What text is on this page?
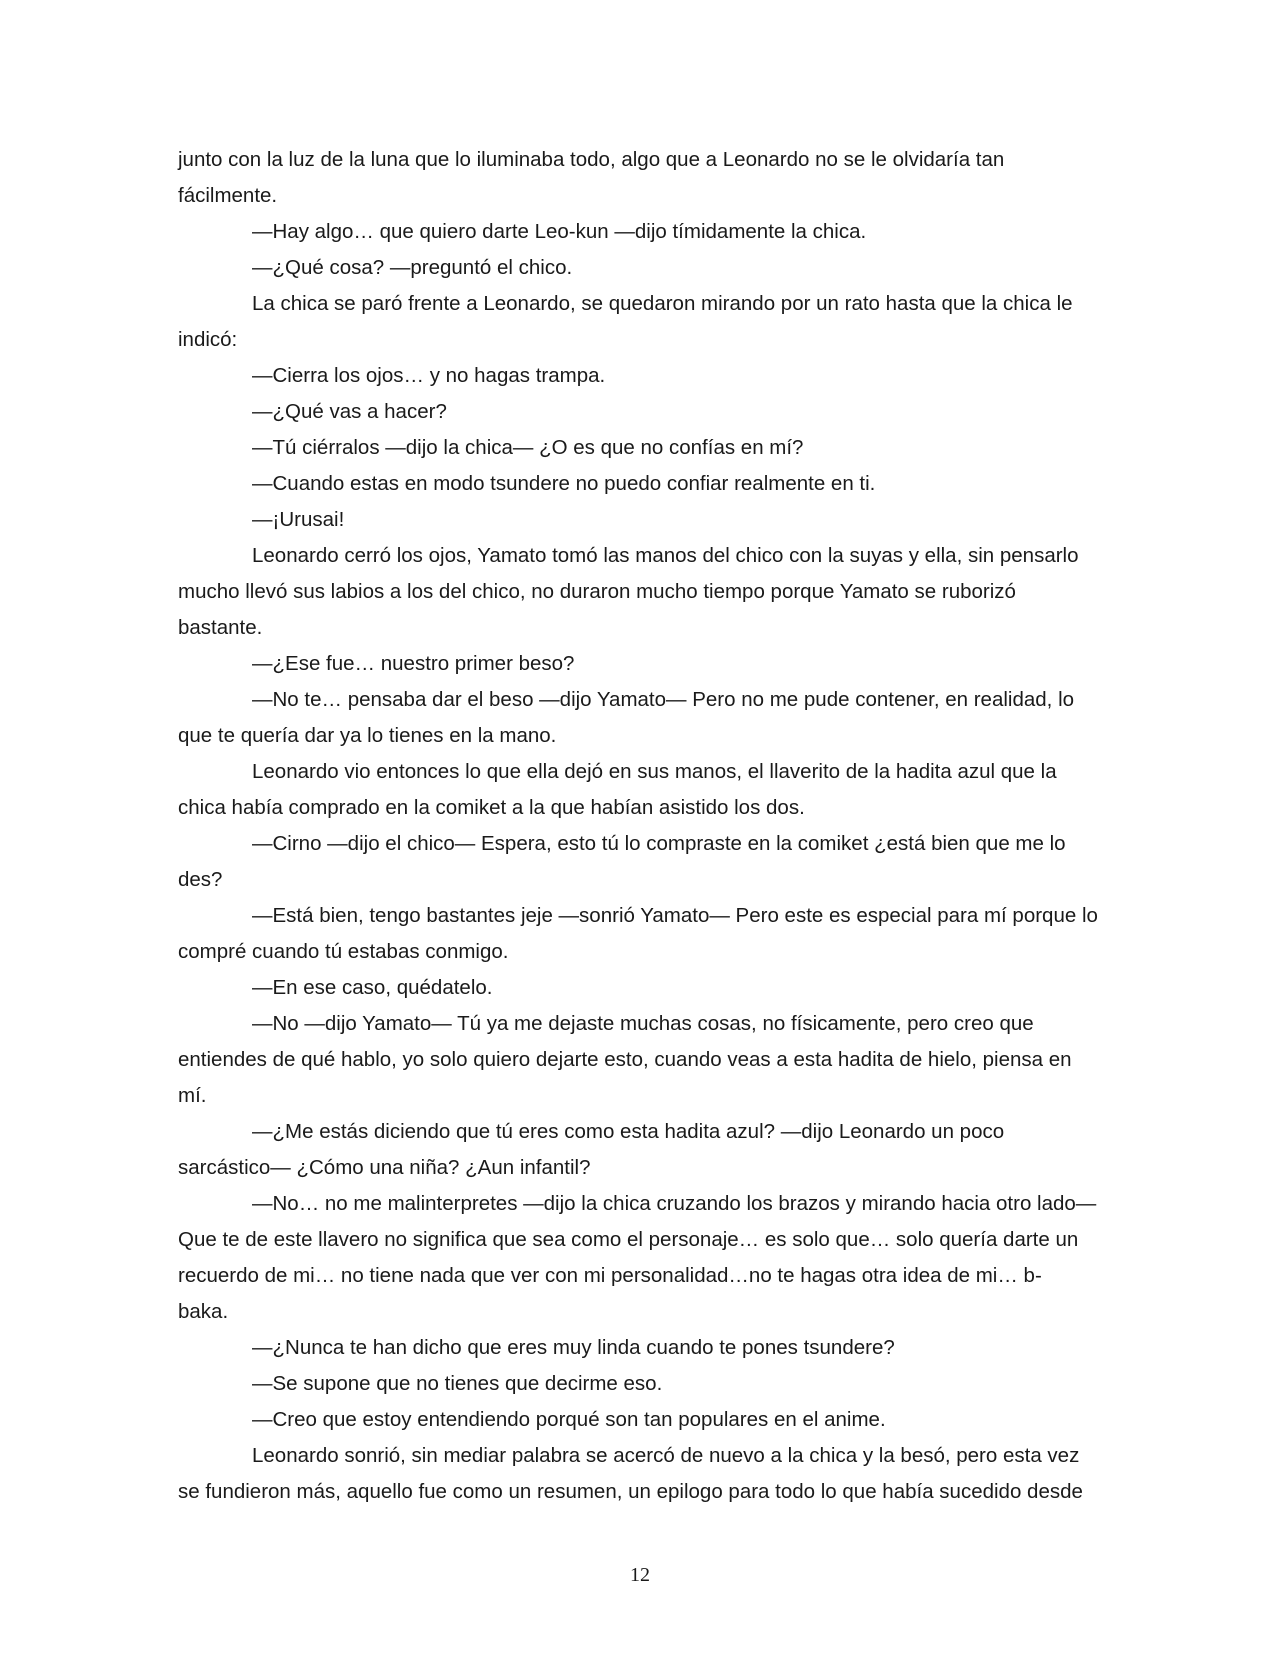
junto con la luz de la luna que lo iluminaba todo, algo que a Leonardo no se le olvidaría tan

fácilmente.

—Hay algo… que quiero darte Leo-kun —dijo tímidamente la chica.

—¿Qué cosa? —preguntó el chico.

La chica se paró frente a Leonardo, se quedaron mirando por un rato hasta que la chica le

indicó:

—Cierra los ojos… y no hagas trampa.

—¿Qué vas a hacer?

—Tú ciérralos —dijo la chica— ¿O es que no confías en mí?

—Cuando estas en modo tsundere no puedo confiar realmente en ti.

—¡Urusai!

Leonardo cerró los ojos, Yamato tomó las manos del chico con la suyas y ella, sin pensarlo

mucho llevó sus labios a los del chico, no duraron mucho tiempo porque Yamato se ruborizó

bastante.

—¿Ese fue… nuestro primer beso?

—No te… pensaba dar el beso —dijo Yamato— Pero no me pude contener, en realidad, lo

que te quería dar ya lo tienes en la mano.

Leonardo vio entonces lo que ella dejó en sus manos, el llaverito de la hadita azul que la

chica había comprado en la comiket a la que habían asistido los dos.

—Cirno —dijo el chico— Espera, esto tú lo compraste en la comiket ¿está bien que me lo

des?

—Está bien, tengo bastantes jeje —sonrió Yamato— Pero este es especial para mí porque lo

compré cuando tú estabas conmigo.

—En ese caso, quédatelo.

—No —dijo Yamato— Tú ya me dejaste muchas cosas, no físicamente, pero creo que

entiendes de qué hablo, yo solo quiero dejarte esto, cuando veas a esta hadita de hielo, piensa en

mí.

—¿Me estás diciendo que tú eres como esta hadita azul? —dijo Leonardo un poco

sarcástico— ¿Cómo una niña? ¿Aun infantil?

—No… no me malinterpretes —dijo la chica cruzando los brazos y mirando hacia otro lado—

Que te de este llavero no significa que sea como el personaje… es solo que… solo quería darte un

recuerdo de mi… no tiene nada que ver con mi personalidad…no te hagas otra idea de mi… b-

baka.

—¿Nunca te han dicho que eres muy linda cuando te pones tsundere?

—Se supone que no tienes que decirme eso.

—Creo que estoy entendiendo porqué son tan populares en el anime.

Leonardo sonrió, sin mediar palabra se acercó de nuevo a la chica y la besó, pero esta vez

se fundieron más, aquello fue como un resumen, un epilogo para todo lo que había sucedido desde

12
